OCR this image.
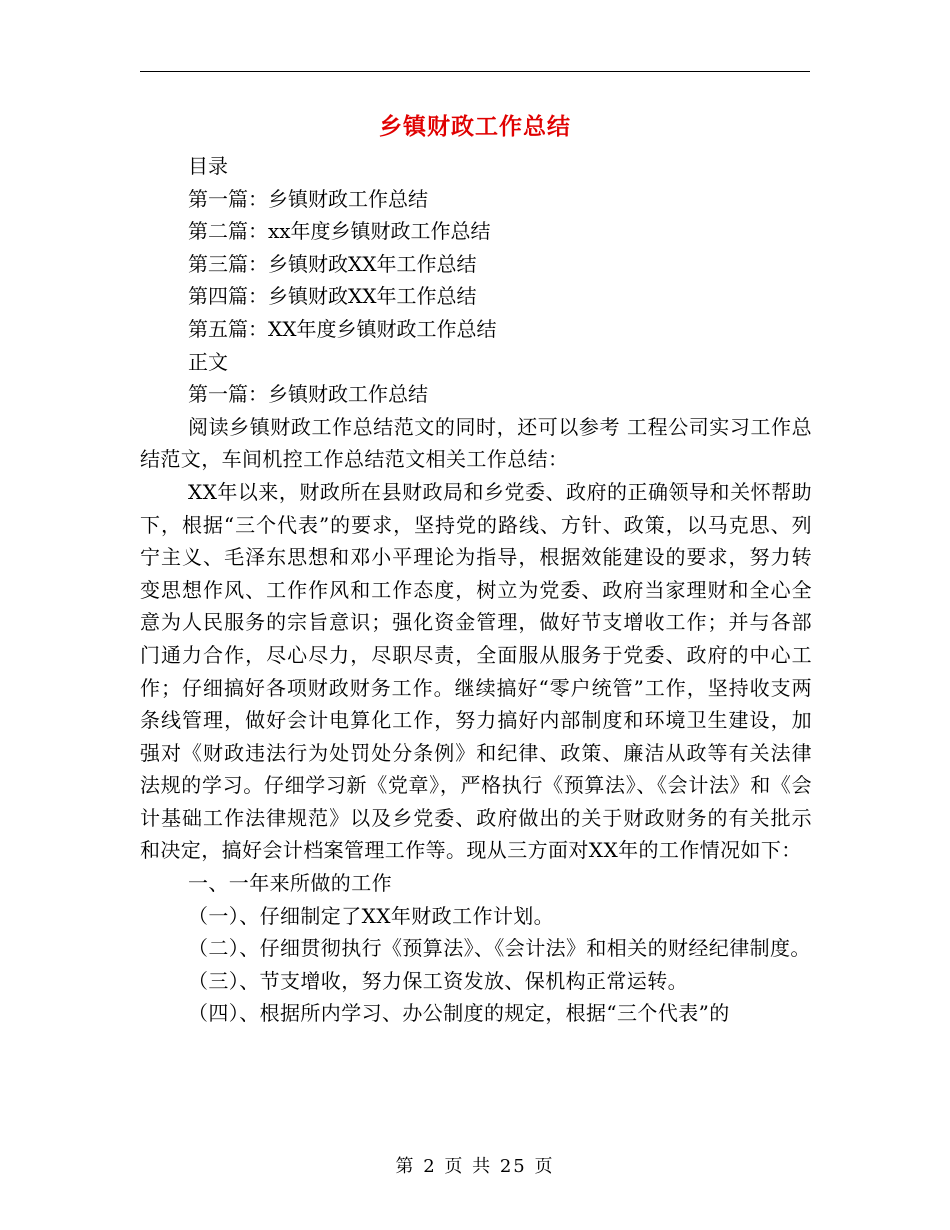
乡镇财政工作总结

目录

第一篇：乡镇财政工作总结

第二篇：xx年度乡镇财政工作总结

第三篇：乡镇财政XX年工作总结

第四篇：乡镇财政XX年工作总结

第五篇：XX年度乡镇财政工作总结

正文

第一篇：乡镇财政工作总结

阅读乡镇财政工作总结范文的同时，还可以参考 工程公司实习工作总结范文，车间机控工作总结范文相关工作总结：

XX年以来，财政所在县财政局和乡党委、政府的正确领导和关怀帮助下，根据“三个代表”的要求，坚持党的路线、方针、政策，以马克思、列宁主义、毛泽东思想和邓小平理论为指导，根据效能建设的要求，努力转变思想作风、工作作风和工作态度，树立为党委、政府当家理财和全心全意为人民服务的宗旨意识；强化资金管理，做好节支增收工作；并与各部门通力合作，尽心尽力，尽职尽责，全面服从服务于党委、政府的中心工作；仔细搞好各项财政财务工作。继续搞好“零户统管”工作，坚持收支两条线管理，做好会计电算化工作，努力搞好内部制度和环境卫生建设，加强对《财政违法行为处罚处分条例》和纪律、政策、廉洁从政等有关法律法规的学习。仔细学习新《党章》，严格执行《预算法》、《会计法》和《会计基础工作法律规范》以及乡党委、政府做出的关于财政财务的有关批示和决定，搞好会计档案管理工作等。现从三方面对XX年的工作情况如下：

一、一年来所做的工作

（一）、仔细制定了XX年财政工作计划。

（二）、仔细贯彻执行《预算法》、《会计法》和相关的财经纪律制度。

（三）、节支增收，努力保工资发放、保机构正常运转。

（四）、根据所内学习、办公制度的规定，根据“三个代表”的

第 2 页 共 25 页
